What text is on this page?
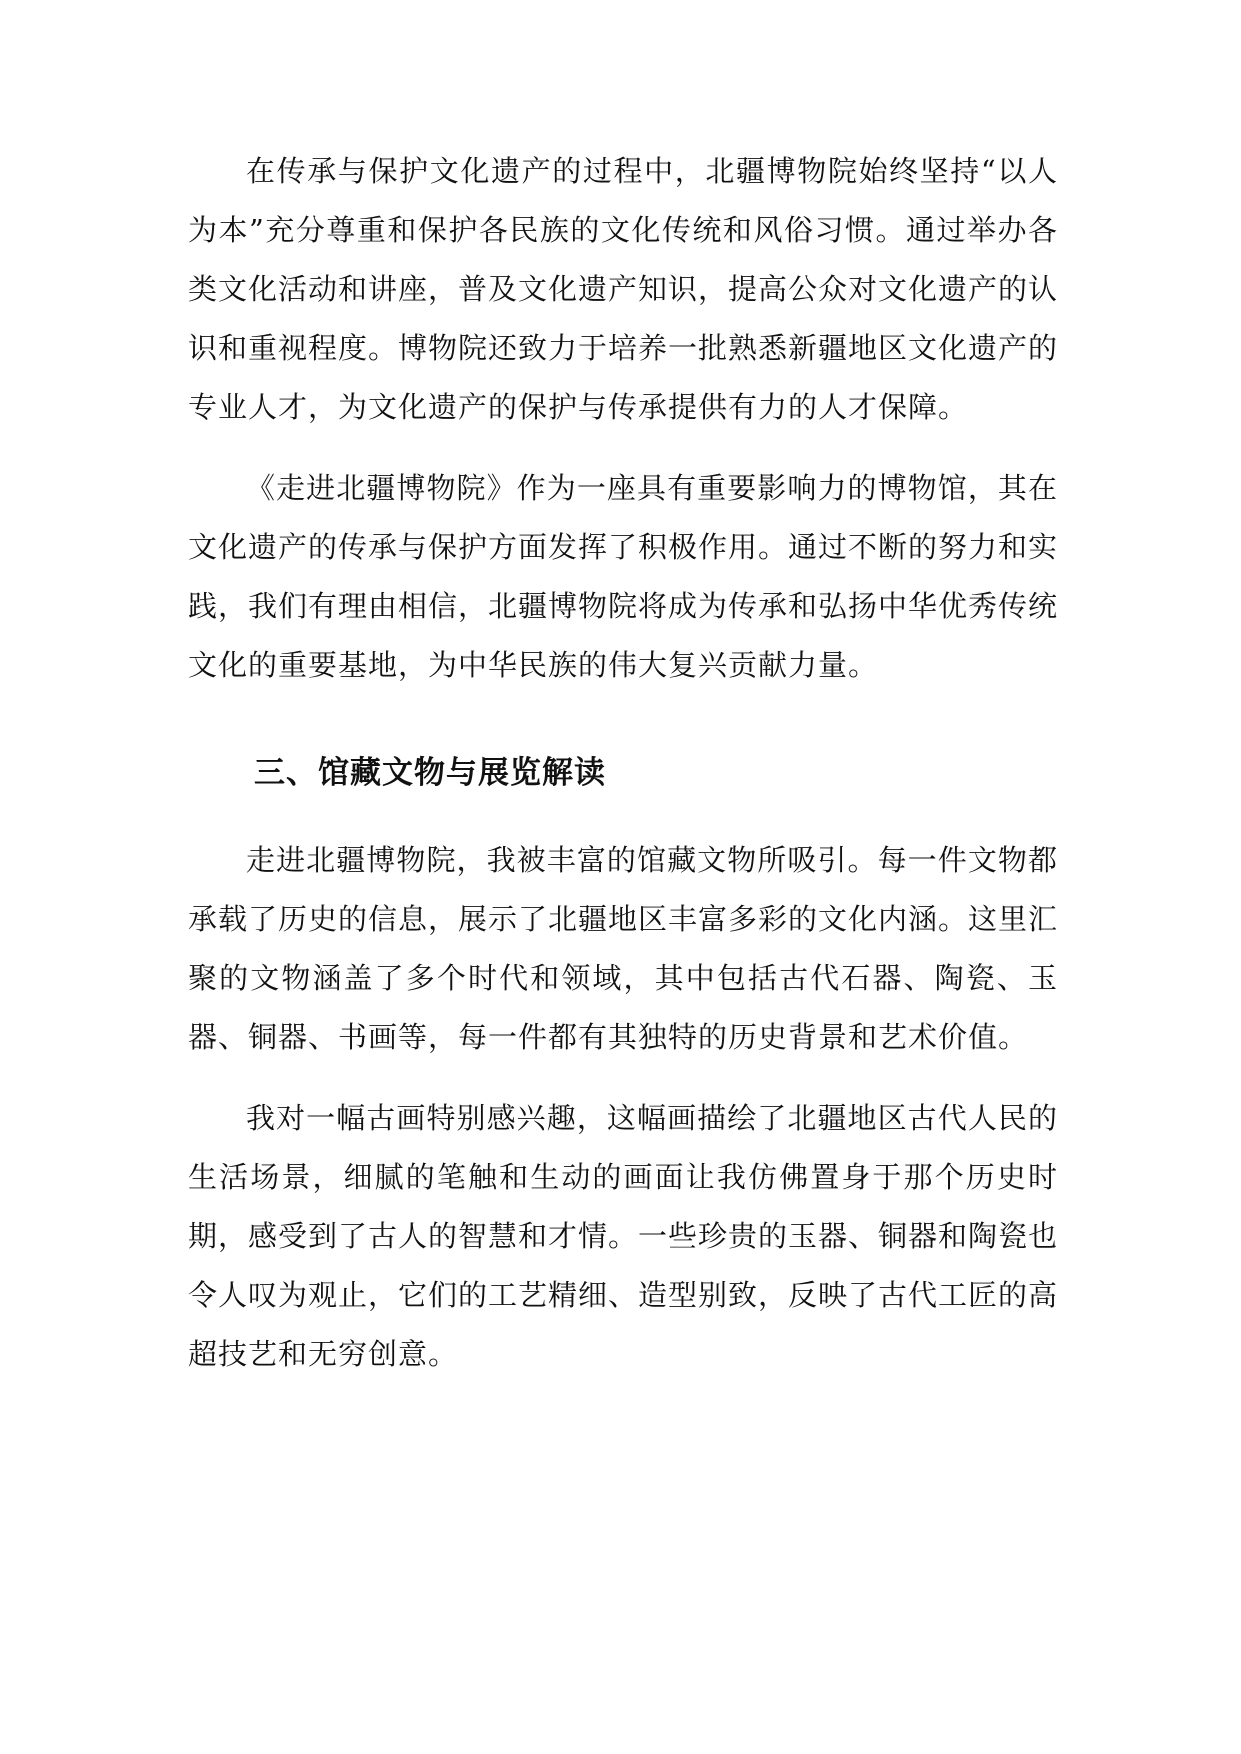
在传承与保护文化遗产的过程中，北疆博物院始终坚持“以人为本”充分尊重和保护各民族的文化传统和风俗习惯。通过举办各类文化活动和讲座，普及文化遗产知识，提高公众对文化遗产的认识和重视程度。博物院还致力于培养一批熟悉新疆地区文化遗产的专业人才，为文化遗产的保护与传承提供有力的人才保障。

《走进北疆博物院》作为一座具有重要影响力的博物馆，其在文化遗产的传承与保护方面发挥了积极作用。通过不断的努力和实践，我们有理由相信，北疆博物院将成为传承和弘扬中华优秀传统文化的重要基地，为中华民族的伟大复兴贡献力量。

三、馆藏文物与展览解读

走进北疆博物院，我被丰富的馆藏文物所吸引。每一件文物都承载了历史的信息，展示了北疆地区丰富多彩的文化内涵。这里汇聚的文物涵盖了多个时代和领域，其中包括古代石器、陶瓷、玉器、铜器、书画等，每一件都有其独特的历史背景和艺术价值。

我对一幅古画特别感兴趣，这幅画描绘了北疆地区古代人民的生活场景，细腻的笔触和生动的画面让我仿佛置身于那个历史时期，感受到了古人的智慧和才情。一些珍贵的玉器、铜器和陶瓷也令人叹为观止，它们的工艺精细、造型别致，反映了古代工匠的高超技艺和无穷创意。
